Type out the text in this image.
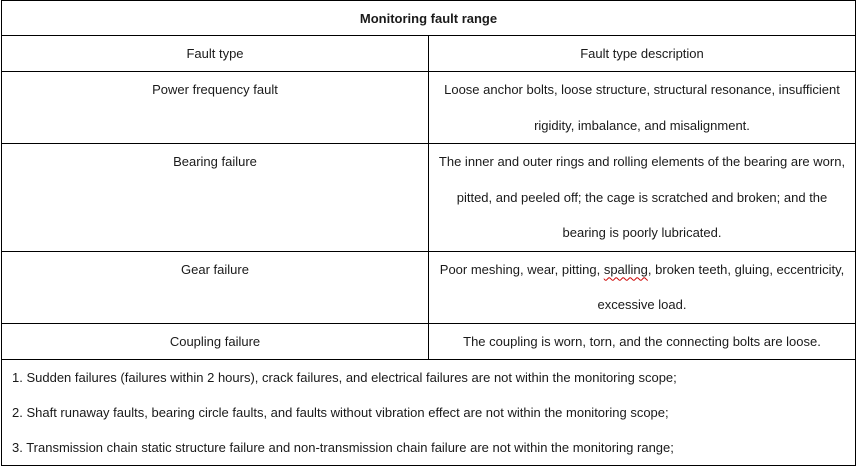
Monitoring fault range	
Fault type	Fault type description

Power frequency fault	Loose anchor bolts, loose structure, structural resonance, insufficient rigidity, imbalance, and misalignment.

Bearing failure	The inner and outer rings and rolling elements of the bearing are worn, pitted, and peeled off; the cage is scratched and broken; and the bearing is poorly lubricated.

Gear failure	Poor meshing, wear, pitting, spalling, broken teeth, gluing, eccentricity, excessive load.

Coupling failure	The coupling is worn, torn, and the connecting bolts are loose.

1. Sudden failures (failures within 2 hours), crack failures, and electrical failures are not within the monitoring scope;
2. Shaft runaway faults, bearing circle faults, and faults without vibration effect are not within the monitoring scope;
3. Transmission chain static structure failure and non-transmission chain failure are not within the monitoring range;	
